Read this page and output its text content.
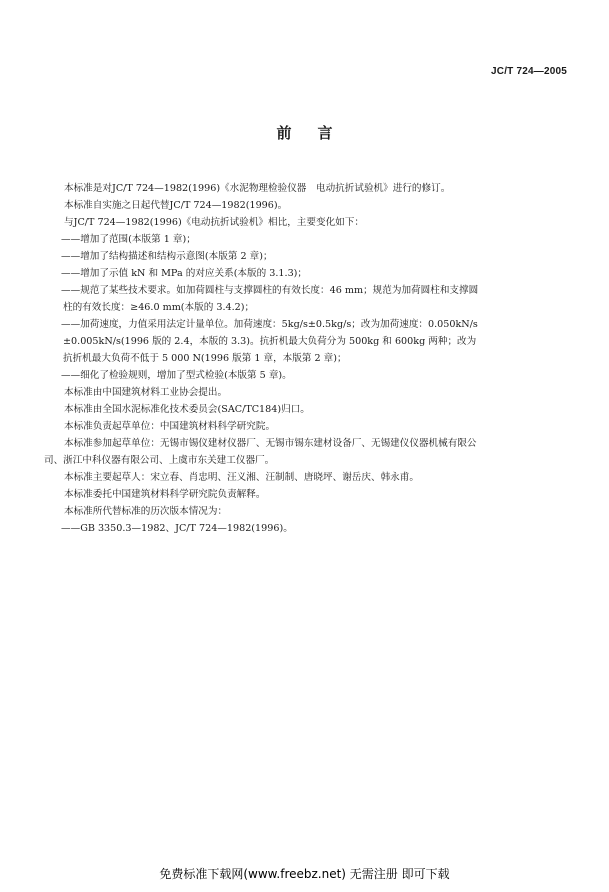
JC/T 724—2005
前言

本标准是对JC/T 724—1982(1996)《水泥物理检验仪器　电动抗折试验机》进行的修订。

本标准自实施之日起代替JC/T 724—1982(1996)。

与JC/T 724—1982(1996)《电动抗折试验机》相比，主要变化如下：

——增加了范围(本版第 1 章)；

——增加了结构描述和结构示意图(本版第 2 章)；

——增加了示值 kN 和 MPa 的对应关系(本版的 3.1.3)；

——规范了某些技术要求。如加荷圆柱与支撑圆柱的有效长度：46 mm；规范为加荷圆柱和支撑圆

柱的有效长度：≥46.0 mm(本版的 3.4.2)；

——加荷速度，力值采用法定计量单位。加荷速度：5kg/s±0.5kg/s；改为加荷速度：0.050kN/s

±0.005kN/s(1996 版的 2.4，本版的 3.3)。抗折机最大负荷分为 500kg 和 600kg 两种；改为

抗折机最大负荷不低于 5 000 N(1996 版第 1 章，本版第 2 章)；

——细化了检验规则，增加了型式检验(本版第 5 章)。

本标准由中国建筑材料工业协会提出。

本标准由全国水泥标准化技术委员会(SAC/TC184)归口。

本标准负责起草单位：中国建筑材料科学研究院。

本标准参加起草单位：无锡市锡仪建材仪器厂、无锡市锡东建材设备厂、无锡建仪仪器机械有限公

司、浙江中科仪器有限公司、上虞市东关建工仪器厂。

本标准主要起草人：宋立春、肖忠明、汪义湘、汪制制、唐晓坪、谢岳庆、韩永甫。

本标准委托中国建筑材料科学研究院负责解释。

本标准所代替标准的历次版本情况为：

——GB 3350.3—1982、JC/T 724—1982(1996)。

免费标准下载网(www.freebz.net) 无需注册 即可下载
